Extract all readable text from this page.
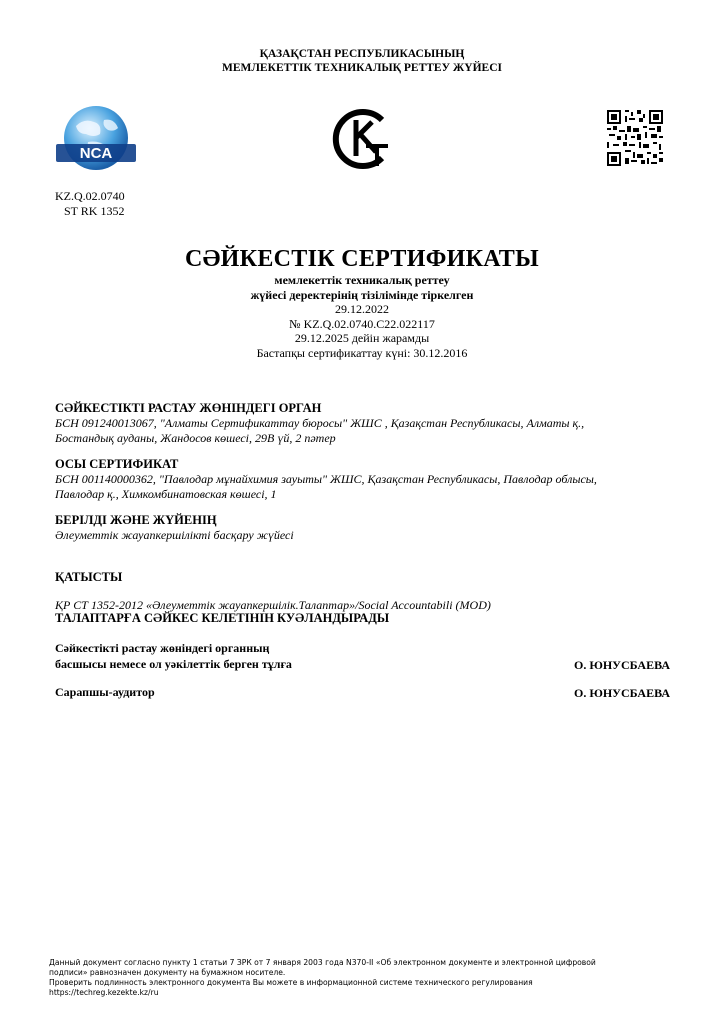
ҚАЗАҚСТАН РЕСПУБЛИКАСЫНЫҢ
МЕМЛЕКЕТТІК ТЕХНИКАЛЫҚ РЕТТЕУ ЖҮЙЕСІ
NCA
KZ.Q.02.0740
ST RK 1352
СӘЙКЕСТІК СЕРТИФИКАТЫ
мемлекеттік техникалық реттеу
жүйесі деректерінің тізілімінде тіркелген
29.12.2022
№ KZ.Q.02.0740.C22.022117
29.12.2025 дейін жарамды
Бастапқы сертификаттау күні: 30.12.2016
СӘЙКЕСТІКТІ РАСТАУ ЖӨНІНДЕГІ ОРГАН
БСН 091240013067, "Алматы Сертификаттау бюросы" ЖШС , Қазақстан Республикасы, Алматы қ.,
Бостандық ауданы, Жандосов көшесі, 29В үй, 2 пәтер
ОСЫ СЕРТИФИКАТ
БСН 001140000362, "Павлодар мұнайхимия зауыты" ЖШС, Қазақстан Республикасы, Павлодар облысы,
Павлодар қ., Химкомбинатовская көшесі, 1
БЕРІЛДІ ЖӘНЕ ЖҮЙЕНІҢ
Әлеуметтік жауапкершілікті басқару жүйесі
ҚАТЫСТЫ
ҚР СТ 1352-2012 «Әлеуметтік жауапкершілік.Талаптар»/Social Accountabili (MOD)
ТАЛАПТАРҒА СӘЙКЕС КЕЛЕТІНІН КУӘЛАНДЫРАДЫ
Сәйкестікті растау жөніндегі органның
басшысы немесе ол уәкілеттік берген тұлға	О. ЮНУСБАЕВА
Сарапшы-аудитор	О. ЮНУСБАЕВА
Данный документ согласно пункту 1 статьи 7 ЗРК от 7 января 2003 года N370-II «Об электронном документе и электронной цифровой
подписи» равнозначен документу на бумажном носителе.
Проверить подлинность электронного документа Вы можете в информационной системе технического регулирования
https://techreg.kezekte.kz/ru
